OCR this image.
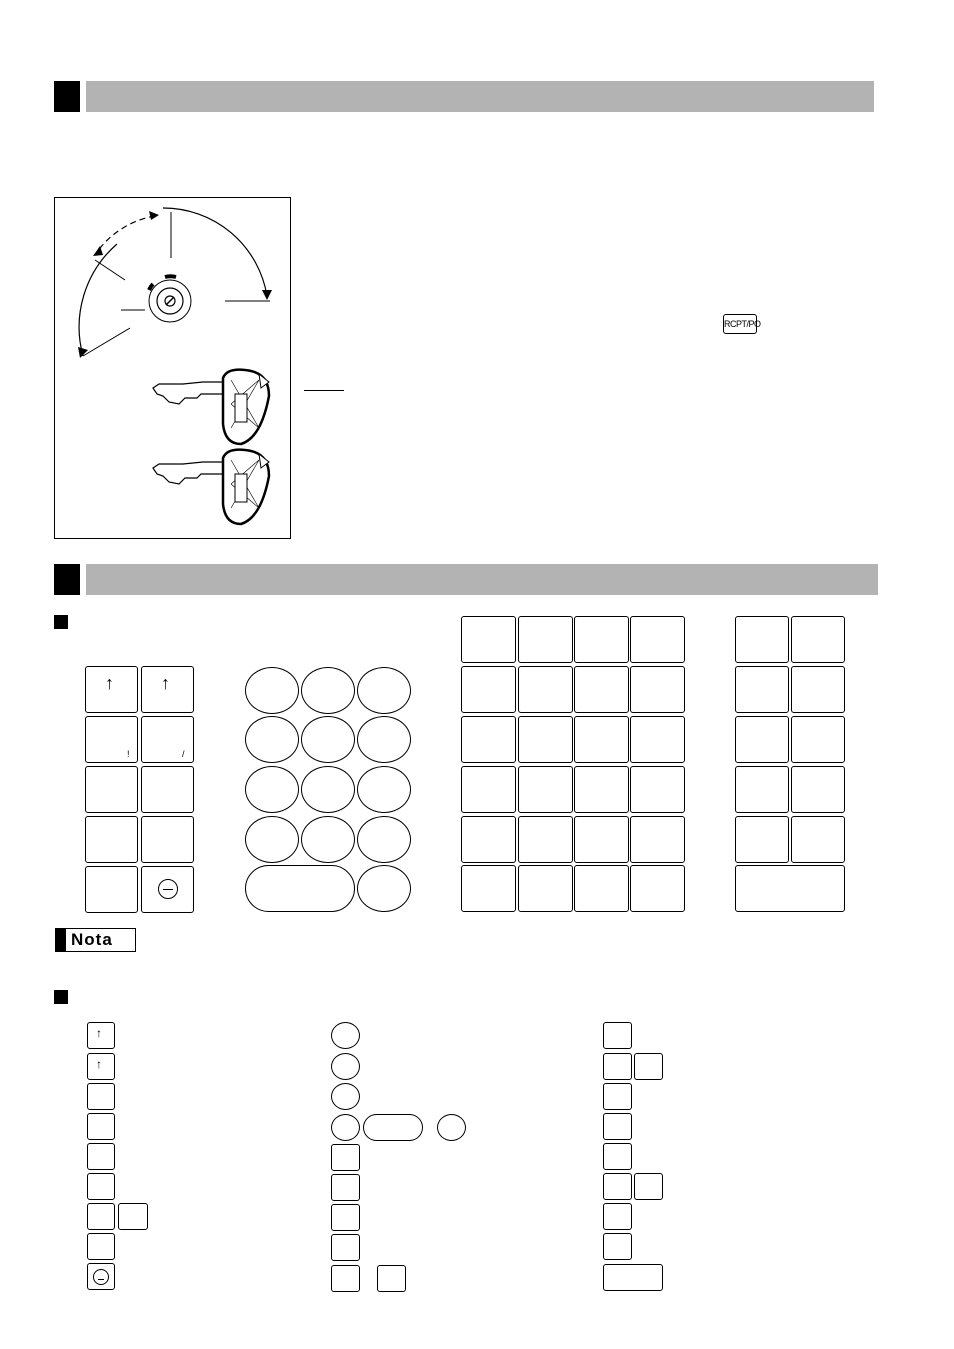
RCPT/PO
↑	↑
!	/
Nota
↑
↑
